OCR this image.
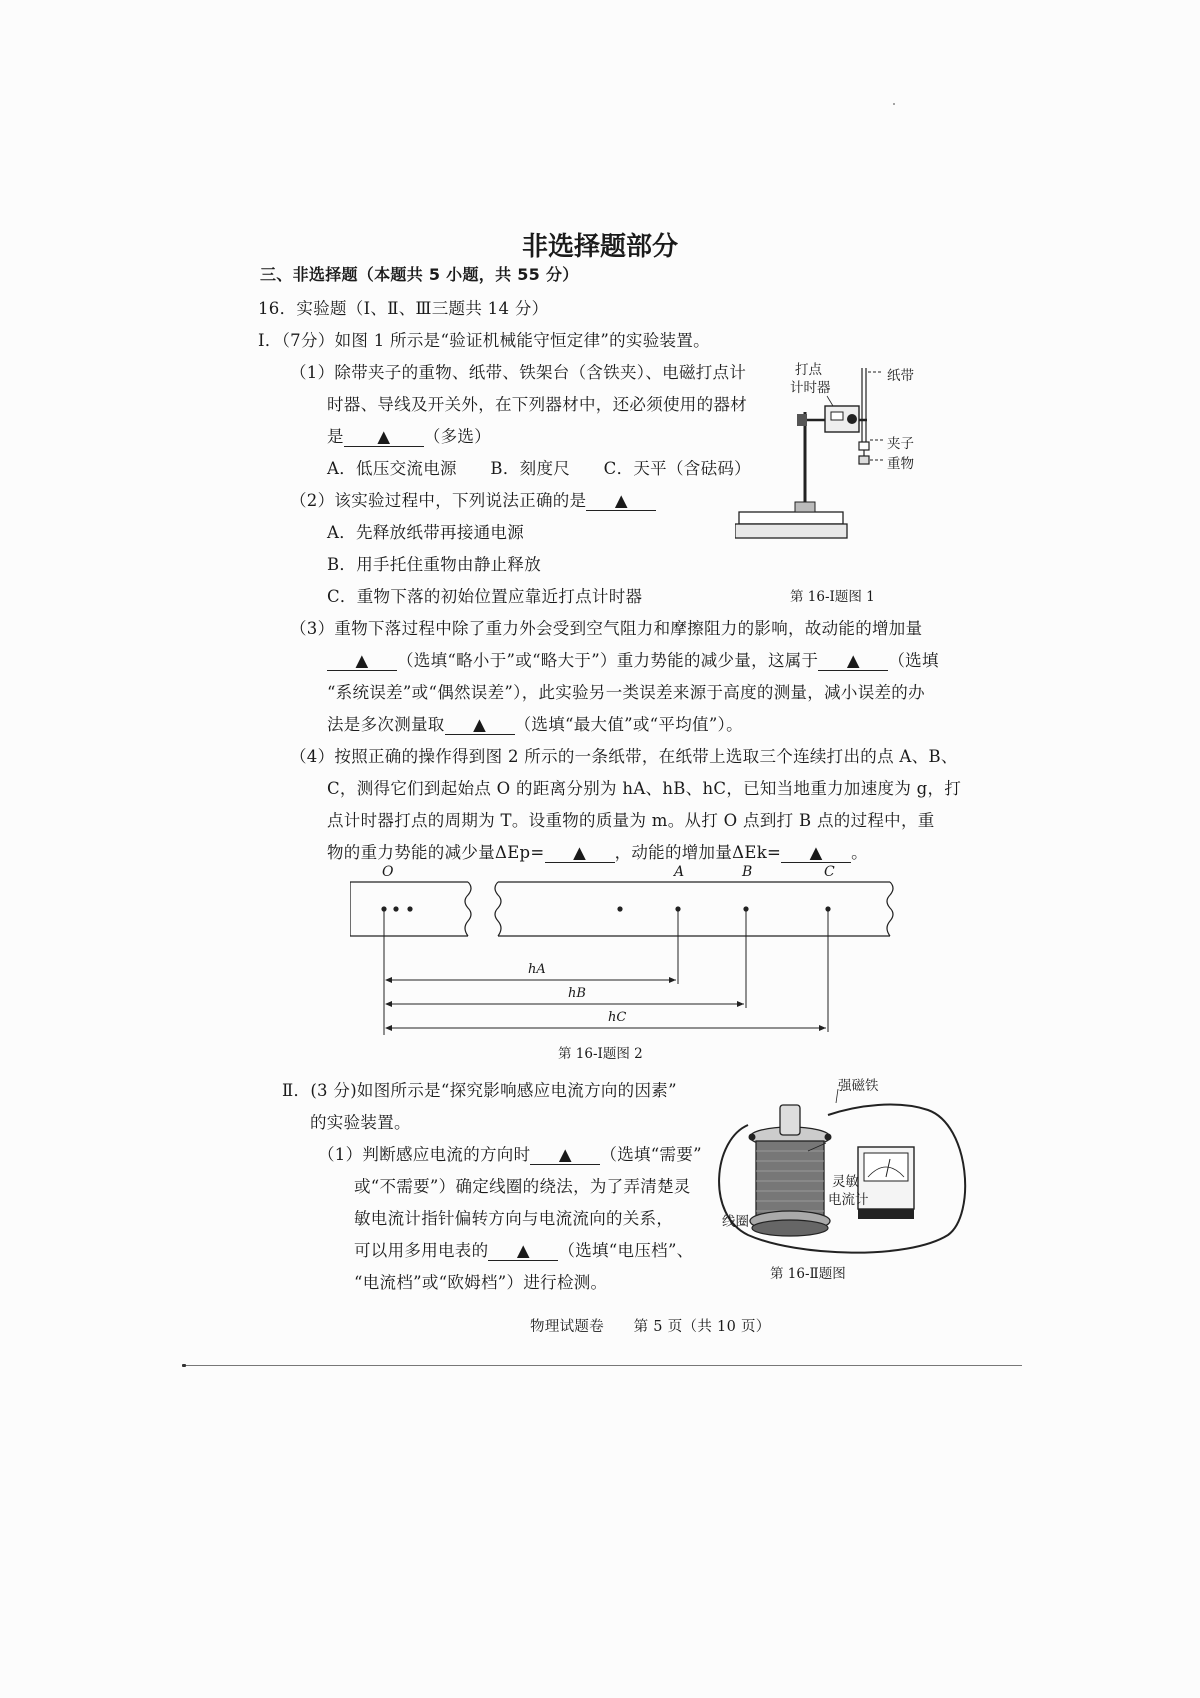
非选择题部分
三、非选择题（本题共 5 小题，共 55 分）
16．实验题（Ⅰ、Ⅱ、Ⅲ三题共 14 分）
Ⅰ．（7分）如图 1 所示是“验证机械能守恒定律”的实验装置。
（1）除带夹子的重物、纸带、铁架台（含铁夹）、电磁打点计
时器、导线及开关外，在下列器材中，还必须使用的器材
是 ▲ （多选）
A．低压交流电源　　B．刻度尺　　C．天平（含砝码）
（2）该实验过程中，下列说法正确的是 ▲
A．先释放纸带再接通电源
B．用手托住重物由静止释放
C．重物下落的初始位置应靠近打点计时器
打点
计时器
纸带
夹子
重物
第 16-Ⅰ题图 1
（3）重物下落过程中除了重力外会受到空气阻力和摩擦阻力的影响，故动能的增加量
▲ （选填“略小于”或“略大于”）重力势能的减少量，这属于 ▲ （选填
“系统误差”或“偶然误差”），此实验另一类误差来源于高度的测量，减小误差的办
法是多次测量取 ▲ （选填“最大值”或“平均值”）。
（4）按照正确的操作得到图 2 所示的一条纸带，在纸带上选取三个连续打出的点 A、B、
C，测得它们到起始点 O 的距离分别为 hA、hB、hC，已知当地重力加速度为 g，打
点计时器打点的周期为 T。设重物的质量为 m。从打 O 点到打 B 点的过程中，重
物的重力势能的减少量ΔEp= ▲ ，动能的增加量ΔEk= ▲ 。
O	A	B	C
hA
hB
hC
第 16-Ⅰ题图 2
Ⅱ．(3 分)如图所示是“探究影响感应电流方向的因素”
的实验装置。
（1）判断感应电流的方向时 ▲ （选填“需要”
或“不需要”）确定线圈的绕法，为了弄清楚灵
敏电流计指针偏转方向与电流流向的关系，
可以用多用电表的 ▲ （选填“电压档”、
“电流档”或“欧姆档”）进行检测。
强磁铁
灵敏
电流计
线圈
第 16-Ⅱ题图
物理试题卷　　第 5 页（共 10 页）
